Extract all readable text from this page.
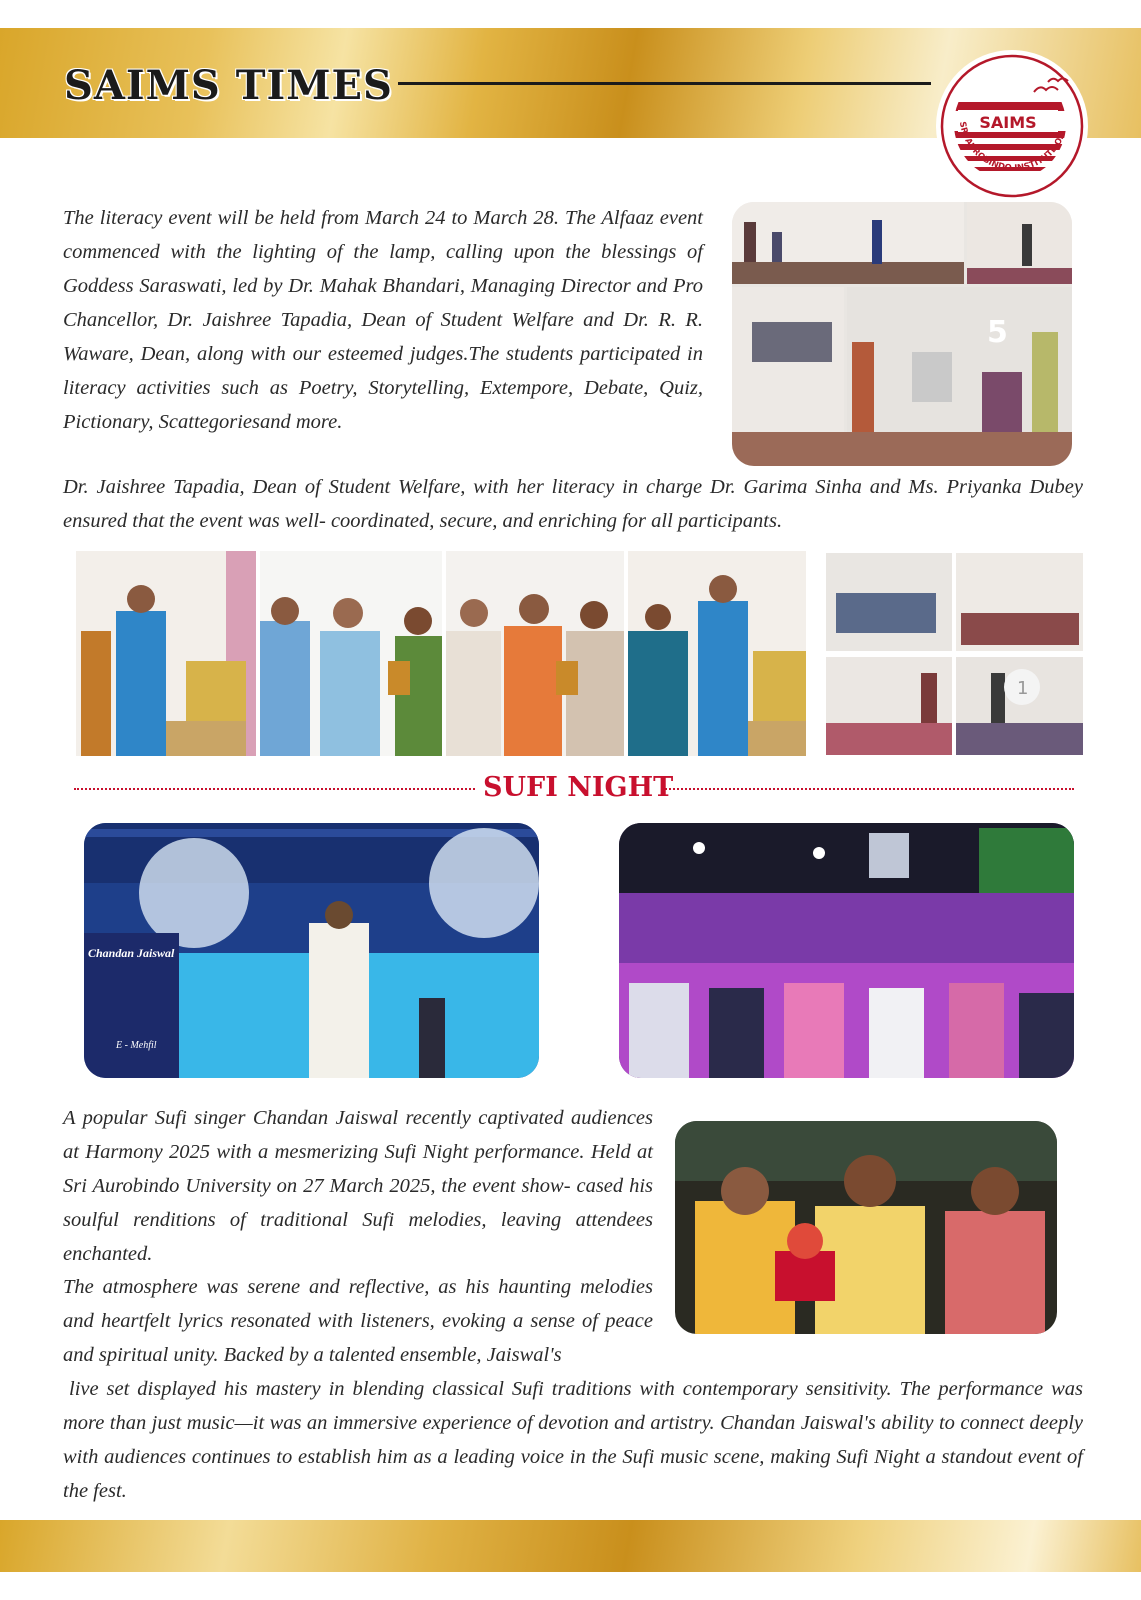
SAIMS TIMES
SAIMS
SRI AUROBINDO INSTITUTE OF

The literacy event will be held from March 24 to March 28. The Alfaaz event commenced with the lighting of the lamp, calling upon the blessings of Goddess Saraswati, led by Dr. Mahak Bhandari, Managing Director and Pro Chancellor, Dr. Jaishree Tapadia, Dean of Student Welfare and Dr. R. R. Waware, Dean, along with our esteemed judges.The students participated in literacy activities such as Poetry, Storytelling, Extempore, Debate, Quiz, Pictionary, Scattegoriesand more.

5

Dr. Jaishree Tapadia, Dean of Student Welfare, with her literacy in charge Dr. Garima Sinha and Ms. Priyanka Dubey ensured that the event was well- coordinated, secure, and enriching for all participants.

1
SUFI NIGHT
Chandan Jaiswal
E - Mehfil

A popular Sufi singer Chandan Jaiswal recently captivated audiences at Harmony 2025 with a mesmerizing Sufi Night performance. Held at Sri Aurobindo University on 27 March 2025, the event show- cased his soulful renditions of traditional Sufi melodies, leaving attendees enchanted.

The atmosphere was serene and reflective, as his haunting melodies and heartfelt lyrics resonated with listeners, evoking a sense of peace and spiritual unity. Backed by a talented ensemble, Jaiswal's

live set displayed his mastery in blending classical Sufi traditions with contemporary sensitivity. The performance was more than just music—it was an immersive experience of devotion and artistry. Chandan Jaiswal's ability to connect deeply with audiences continues to establish him as a leading voice in the Sufi music scene, making Sufi Night a standout event of the fest.
